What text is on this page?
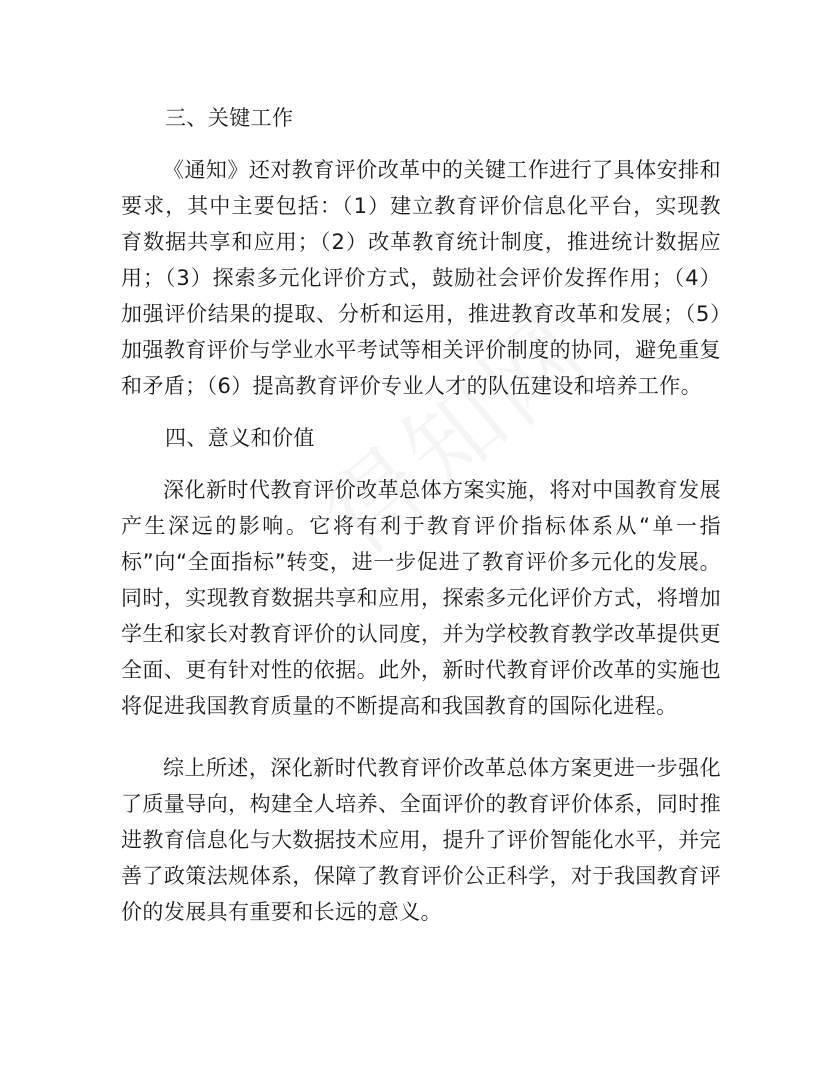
三、关键工作

《通知》还对教育评价改革中的关键工作进行了具体安排和要求，其中主要包括：（1）建立教育评价信息化平台，实现教育数据共享和应用；（2）改革教育统计制度，推进统计数据应用；（3）探索多元化评价方式，鼓励社会评价发挥作用；（4）加强评价结果的提取、分析和运用，推进教育改革和发展；（5）加强教育评价与学业水平考试等相关评价制度的协同，避免重复和矛盾；（6）提高教育评价专业人才的队伍建设和培养工作。

四、意义和价值

深化新时代教育评价改革总体方案实施，将对中国教育发展产生深远的影响。它将有利于教育评价指标体系从“单一指标”向“全面指标”转变，进一步促进了教育评价多元化的发展。同时，实现教育数据共享和应用，探索多元化评价方式，将增加学生和家长对教育评价的认同度，并为学校教育教学改革提供更全面、更有针对性的依据。此外，新时代教育评价改革的实施也将促进我国教育质量的不断提高和我国教育的国际化进程。

综上所述，深化新时代教育评价改革总体方案更进一步强化了质量导向，构建全人培养、全面评价的教育评价体系，同时推进教育信息化与大数据技术应用，提升了评价智能化水平，并完善了政策法规体系，保障了教育评价公正科学，对于我国教育评价的发展具有重要和长远的意义。
